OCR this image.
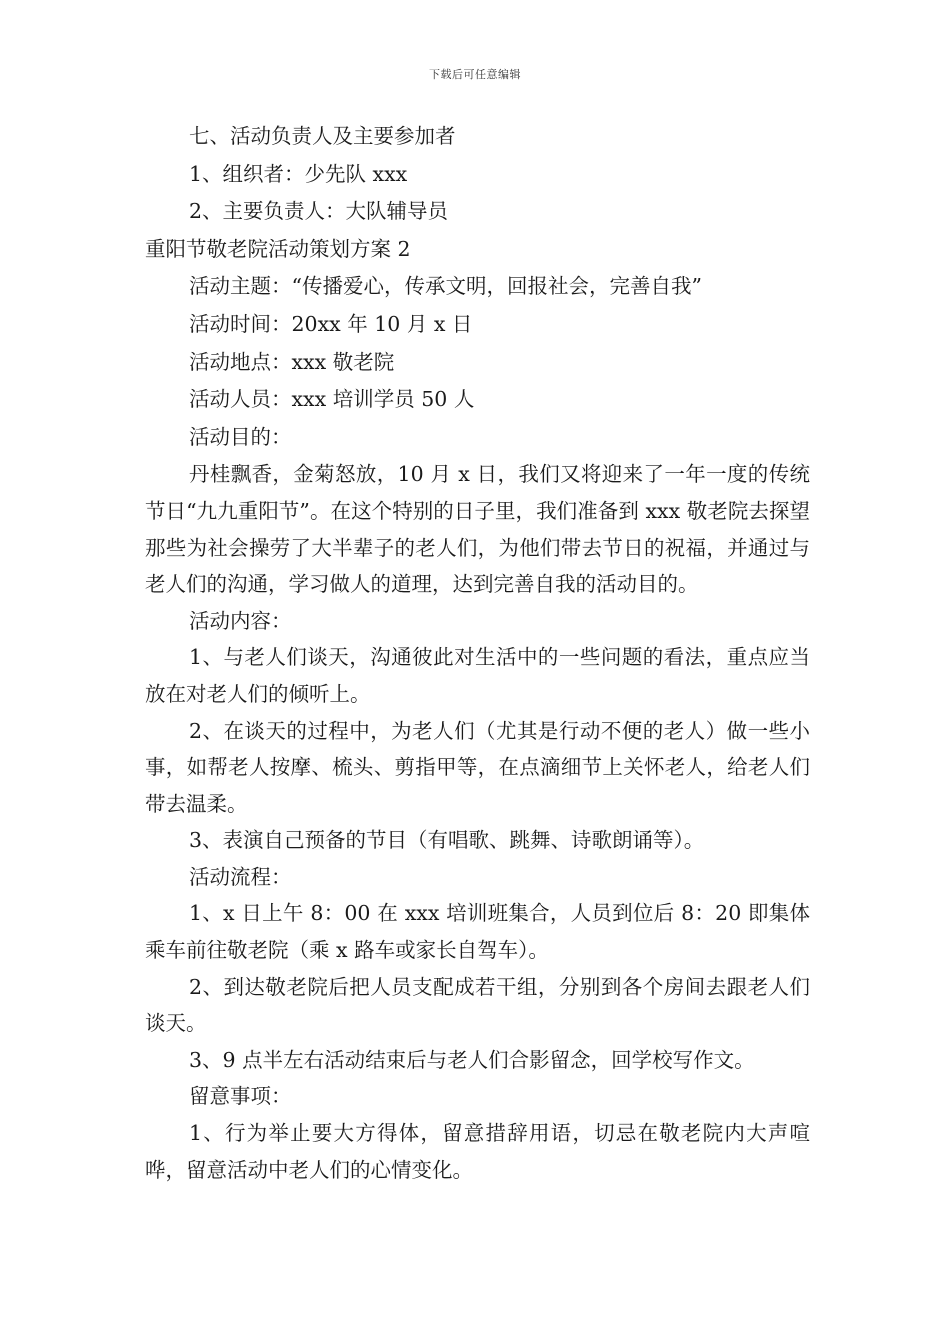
下载后可任意编辑

七、活动负责人及主要参加者

1、组织者：少先队 xxx

2、主要负责人：大队辅导员

重阳节敬老院活动策划方案 2

活动主题：“传播爱心，传承文明，回报社会，完善自我”

活动时间：20xx 年 10 月 x 日

活动地点：xxx 敬老院

活动人员：xxx 培训学员 50 人

活动目的：

丹桂飘香，金菊怒放，10 月 x 日，我们又将迎来了一年一度的传统节日“九九重阳节”。在这个特别的日子里，我们准备到 xxx 敬老院去探望那些为社会操劳了大半辈子的老人们，为他们带去节日的祝福，并通过与老人们的沟通，学习做人的道理，达到完善自我的活动目的。

活动内容：

1、与老人们谈天，沟通彼此对生活中的一些问题的看法，重点应当放在对老人们的倾听上。

2、在谈天的过程中，为老人们（尤其是行动不便的老人）做一些小事，如帮老人按摩、梳头、剪指甲等，在点滴细节上关怀老人，给老人们带去温柔。

3、表演自己预备的节目（有唱歌、跳舞、诗歌朗诵等）。

活动流程：

1、x 日上午 8：00 在 xxx 培训班集合，人员到位后 8：20 即集体乘车前往敬老院（乘 x 路车或家长自驾车）。

2、到达敬老院后把人员支配成若干组，分别到各个房间去跟老人们谈天。

3、9 点半左右活动结束后与老人们合影留念，回学校写作文。

留意事项：

1、行为举止要大方得体，留意措辞用语，切忌在敬老院内大声喧哗，留意活动中老人们的心情变化。
